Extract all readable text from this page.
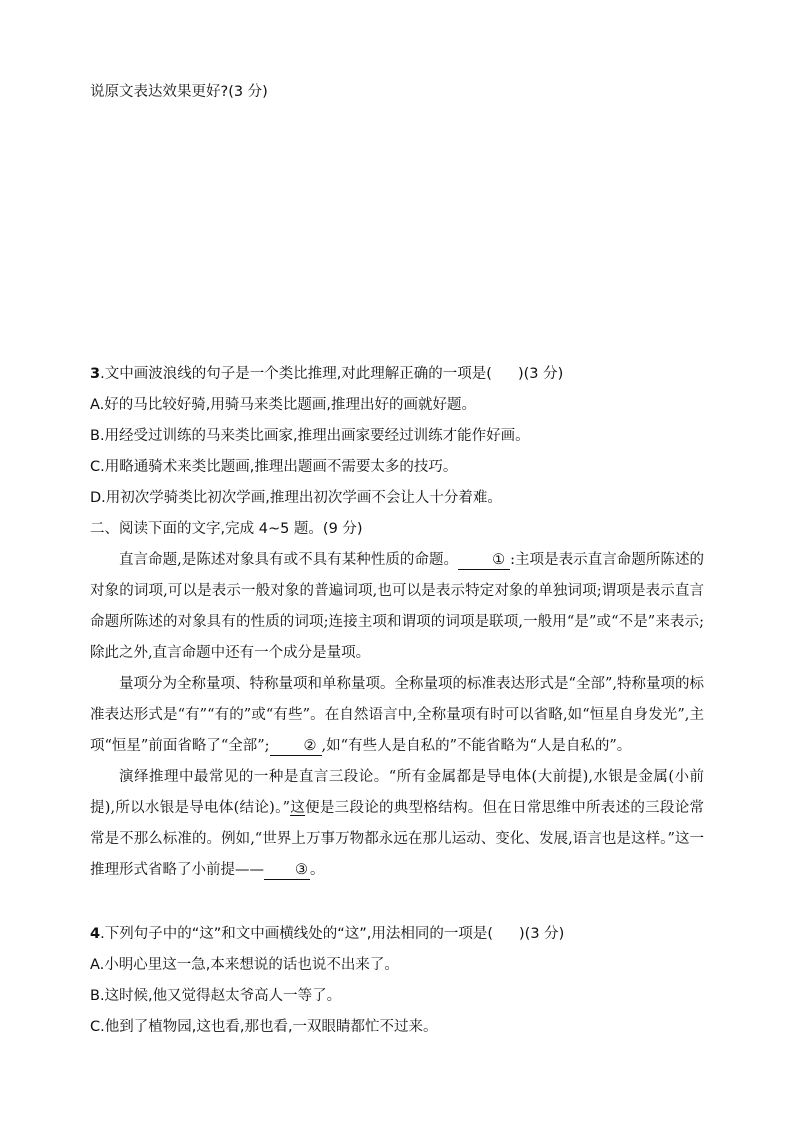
说原文表达效果更好?(3 分)
3.文中画波浪线的句子是一个类比推理,对此理解正确的一项是( )(3 分)
A.好的马比较好骑,用骑马来类比题画,推理出好的画就好题。
B.用经受过训练的马来类比画家,推理出画家要经过训练才能作好画。
C.用略通骑术来类比题画,推理出题画不需要太多的技巧。
D.用初次学骑类比初次学画,推理出初次学画不会让人十分着难。
二、阅读下面的文字,完成 4~5 题。(9 分)

直言命题,是陈述对象具有或不具有某种性质的命题。 ① :主项是表示直言命题所陈述的对象的词项,可以是表示一般对象的普遍词项,也可以是表示特定对象的单独词项;谓项是表示直言命题所陈述的对象具有的性质的词项;连接主项和谓项的词项是联项,一般用“是”或“不是”来表示;除此之外,直言命题中还有一个成分是量项。

量项分为全称量项、特称量项和单称量项。全称量项的标准表达形式是“全部”,特称量项的标准表达形式是“有”“有的”或“有些”。在自然语言中,全称量项有时可以省略,如“恒星自身发光”,主项“恒星”前面省略了“全部”; ② ,如“有些人是自私的”不能省略为“人是自私的”。

演绎推理中最常见的一种是直言三段论。“所有金属都是导电体(大前提),水银是金属(小前提),所以水银是导电体(结论)。”这便是三段论的典型格结构。但在日常思维中所表述的三段论常常是不那么标准的。例如,“世界上万事万物都永远在那儿运动、变化、发展,语言也是这样。”这一推理形式省略了小前提—— ③ 。

4.下列句子中的“这”和文中画横线处的“这”,用法相同的一项是( )(3 分)
A.小明心里这一急,本来想说的话也说不出来了。
B.这时候,他又觉得赵太爷高人一等了。
C.他到了植物园,这也看,那也看,一双眼睛都忙不过来。
